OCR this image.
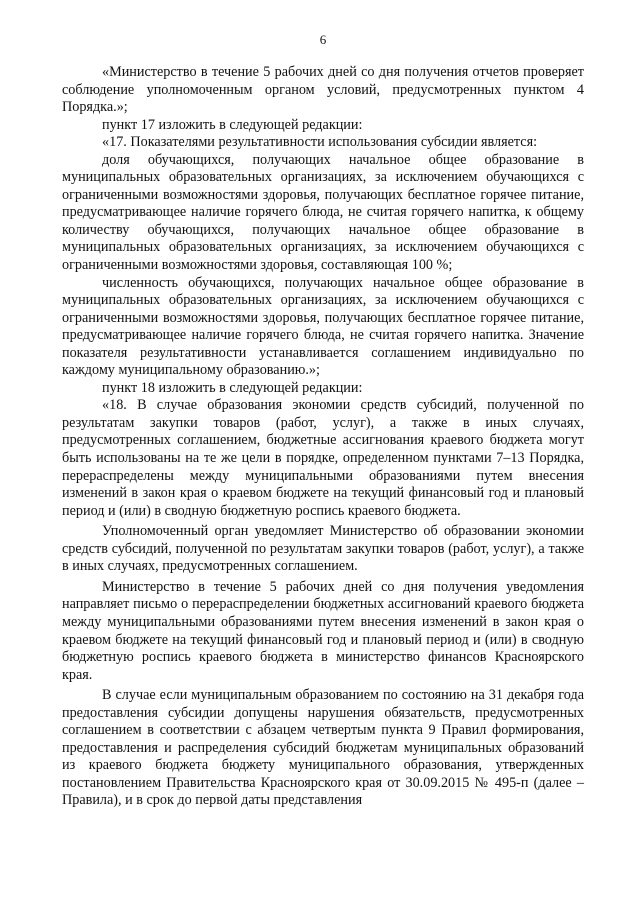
6

«Министерство в течение 5 рабочих дней со дня получения отчетов проверяет соблюдение уполномоченным органом условий, предусмотренных пунктом 4 Порядка.»;

пункт 17 изложить в следующей редакции:

«17. Показателями результативности использования субсидии является:

доля обучающихся, получающих начальное общее образование в муниципальных образовательных организациях, за исключением обучающихся с ограниченными возможностями здоровья, получающих бесплатное горячее питание, предусматривающее наличие горячего блюда, не считая горячего напитка, к общему количеству обучающихся, получающих начальное общее образование в муниципальных образовательных организациях, за исключением обучающихся с ограниченными возможностями здоровья, составляющая 100 %;

численность обучающихся, получающих начальное общее образование в муниципальных образовательных организациях, за исключением обучающихся с ограниченными возможностями здоровья, получающих бесплатное горячее питание, предусматривающее наличие горячего блюда, не считая горячего напитка. Значение показателя результативности устанавливается соглашением индивидуально по каждому муниципальному образованию.»;

пункт 18 изложить в следующей редакции:

«18. В случае образования экономии средств субсидий, полученной по результатам закупки товаров (работ, услуг), а также в иных случаях, предусмотренных соглашением, бюджетные ассигнования краевого бюджета могут быть использованы на те же цели в порядке, определенном пунктами 7–13 Порядка, перераспределены между муниципальными образованиями путем внесения изменений в закон края о краевом бюджете на текущий финансовый год и плановый период и (или) в сводную бюджетную роспись краевого бюджета.

Уполномоченный орган уведомляет Министерство об образовании экономии средств субсидий, полученной по результатам закупки товаров (работ, услуг), а также в иных случаях, предусмотренных соглашением.

Министерство в течение 5 рабочих дней со дня получения уведомления направляет письмо о перераспределении бюджетных ассигнований краевого бюджета между муниципальными образованиями путем внесения изменений в закон края о краевом бюджете на текущий финансовый год и плановый период и (или) в сводную бюджетную роспись краевого бюджета в министерство финансов Красноярского края.

В случае если муниципальным образованием по состоянию на 31 декабря года предоставления субсидии допущены нарушения обязательств, предусмотренных соглашением в соответствии с абзацем четвертым пункта 9 Правил формирования, предоставления и распределения субсидий бюджетам муниципальных образований из краевого бюджета бюджету муниципального образования, утвержденных постановлением Правительства Красноярского края от 30.09.2015 № 495-п (далее – Правила), и в срок до первой даты представления
